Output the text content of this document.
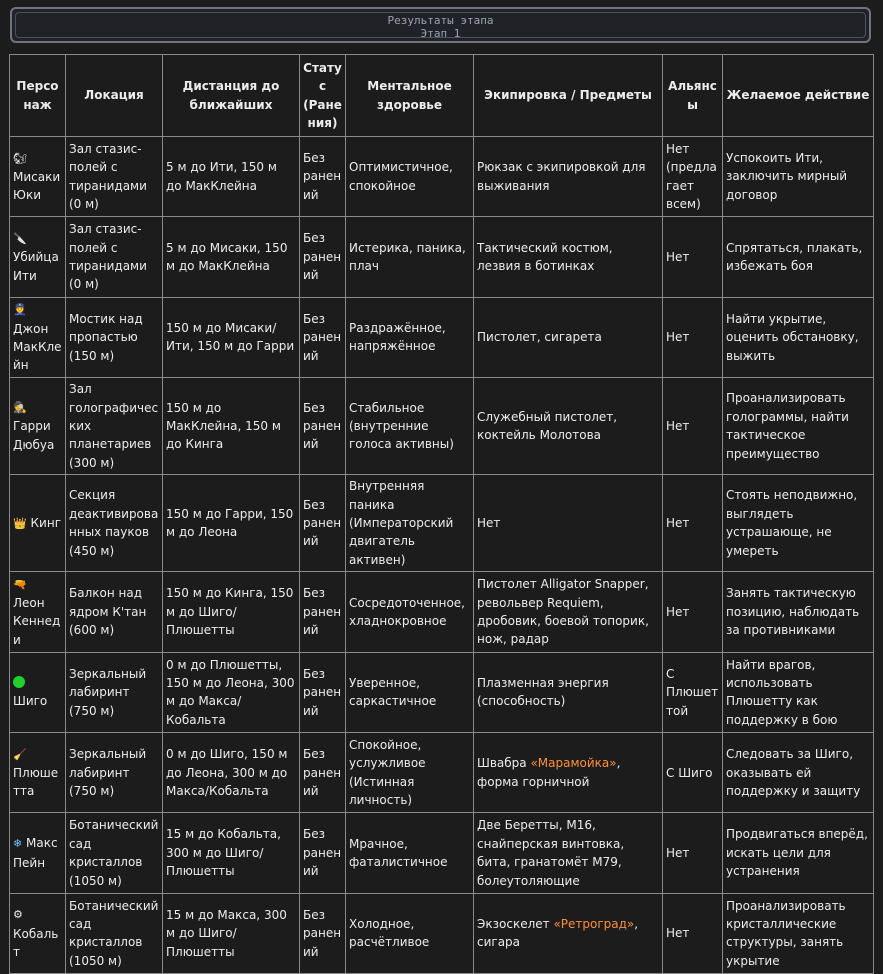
Результаты этапа
Этап 1
Персонаж	Локация	Дистанция до ближайших	Статус (Ранения)	Ментальное здоровье	Экипировка / Предметы	Альянсы	Желаемое действие
🐿
Мисаки Юки	Зал стазис-полей с тиранидами (0 м)	5 м до Ити, 150 м до МакКлейна	Без ранений	Оптимистичное, спокойное	Рюкзак с экипировкой для выживания	Нет (предлагает всем)	Успокоить Ити, заключить мирный договор
🔪
Убийца Ити	Зал стазис-полей с тиранидами (0 м)	5 м до Мисаки, 150 м до МакКлейна	Без ранений	Истерика, паника, плач	Тактический костюм, лезвия в ботинках	Нет	Спрятаться, плакать, избежать боя
👮
Джон МакКлейн	Мостик над пропастью (150 м)	150 м до Мисаки/Ити, 150 м до Гарри	Без ранений	Раздражённое, напряжённое	Пистолет, сигарета	Нет	Найти укрытие, оценить обстановку, выжить
🕵 Гарри Дюбуа	Зал голографических планетариев (300 м)	150 м до МакКлейна, 150 м до Кинга	Без ранений	Стабильное (внутренние голоса активны)	Служебный пистолет, коктейль Молотова	Нет	Проанализировать голограммы, найти тактическое преимущество
👑 Кинг	Секция деактивированных пауков (450 м)	150 м до Гарри, 150 м до Леона	Без ранений	Внутренняя паника (Императорский двигатель активен)	Нет	Нет	Стоять неподвижно, выглядеть устрашающе, не умереть
🔫 Леон Кеннеди	Балкон над ядром К'тан (600 м)	150 м до Кинга, 150 м до Шиго/Плюшетты	Без ранений	Сосредоточенное, хладнокровное	Пистолет Alligator Snapper, револьвер Requiem, дробовик, боевой топорик, нож, радар	Нет	Занять тактическую позицию, наблюдать за противниками

Шиго	Зеркальный лабиринт (750 м)	0 м до Плюшетты, 150 м до Леона, 300 м до Макса/Кобальта	Без ранений	Уверенное, саркастичное	Плазменная энергия (способность)	С Плюшеттой	Найти врагов, использовать Плюшетту как поддержку в бою
🧹
Плюшетта	Зеркальный лабиринт (750 м)	0 м до Шиго, 150 м до Леона, 300 м до Макса/Кобальта	Без ранений	Спокойное, услужливое (Истинная личность)	Швабра «Марамойка», форма горничной	С Шиго	Следовать за Шиго, оказывать ей поддержку и защиту
❄ Макс Пейн	Ботанический сад кристаллов (1050 м)	15 м до Кобальта, 300 м до Шиго/Плюшетты	Без ранений	Мрачное, фаталистичное	Две Беретты, M16, снайперская винтовка, бита, гранатомёт M79, болеутоляющие	Нет	Продвигаться вперёд, искать цели для устранения
⚙ Кобальт	Ботанический сад кристаллов (1050 м)	15 м до Макса, 300 м до Шиго/Плюшетты	Без ранений	Холодное, расчётливое	Экзоскелет «Ретроград», сигара	Нет	Проанализировать кристаллические структуры, занять укрытие
